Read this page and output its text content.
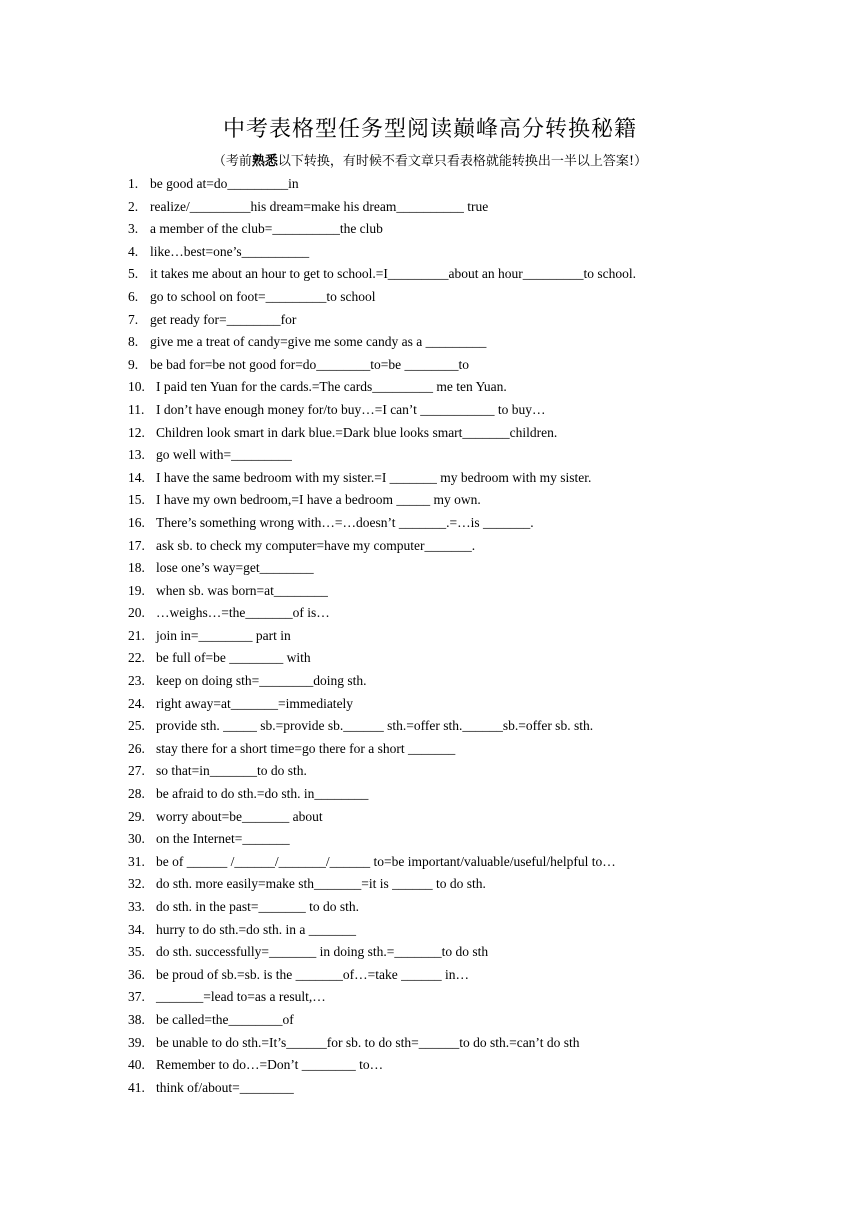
中考表格型任务型阅读巅峰高分转换秘籍
（考前熟悉以下转换，有时候不看文章只看表格就能转换出一半以上答案!）
1. be good at=do_________in
2. realize/_________his dream=make his dream__________ true
3. a member of the club=__________the club
4. like…best=one’s__________
5. it takes me about an hour to get to school.=I_________about an hour_________to school.
6. go to school on foot=_________to school
7. get ready for=________for
8. give me a treat of candy=give me some candy as a _________
9. be bad for=be not good for=do________to=be ________to
10. I paid ten Yuan for the cards.=The cards_________ me ten Yuan.
11. I don’t have enough money for/to buy…=I can’t ___________ to buy…
12. Children look smart in dark blue.=Dark blue looks smart_______children.
13. go well with=_________
14. I have the same bedroom with my sister.=I _______ my bedroom with my sister.
15. I have my own bedroom,=I have a bedroom _____ my own.
16. There’s something wrong with…=…doesn’t _______.=…is _______.
17. ask sb. to check my computer=have my computer_______.
18. lose one’s way=get________
19. when sb. was born=at________
20. …weighs…=the_______of is…
21. join in=________ part in
22. be full of=be ________ with
23. keep on doing sth=________doing sth.
24. right away=at_______=immediately
25. provide sth. _____ sb.=provide sb.______ sth.=offer sth.______sb.=offer sb. sth.
26. stay there for a short time=go there for a short _______
27. so that=in_______to do sth.
28. be afraid to do sth.=do sth. in________
29. worry about=be_______ about
30. on the Internet=_______
31. be of ______ /______/_______/______ to=be important/valuable/useful/helpful to…
32. do sth. more easily=make sth_______=it is ______ to do sth.
33. do sth. in the past=_______ to do sth.
34. hurry to do sth.=do sth. in a _______
35. do sth. successfully=_______ in doing sth.=_______to do sth
36. be proud of sb.=sb. is the _______of…=take ______ in…
37. _______=lead to=as a result,…
38. be called=the________of
39. be unable to do sth.=It’s______for sb. to do sth=______to do sth.=can’t do sth
40. Remember to do…=Don’t ________ to…
41. think of/about=________
